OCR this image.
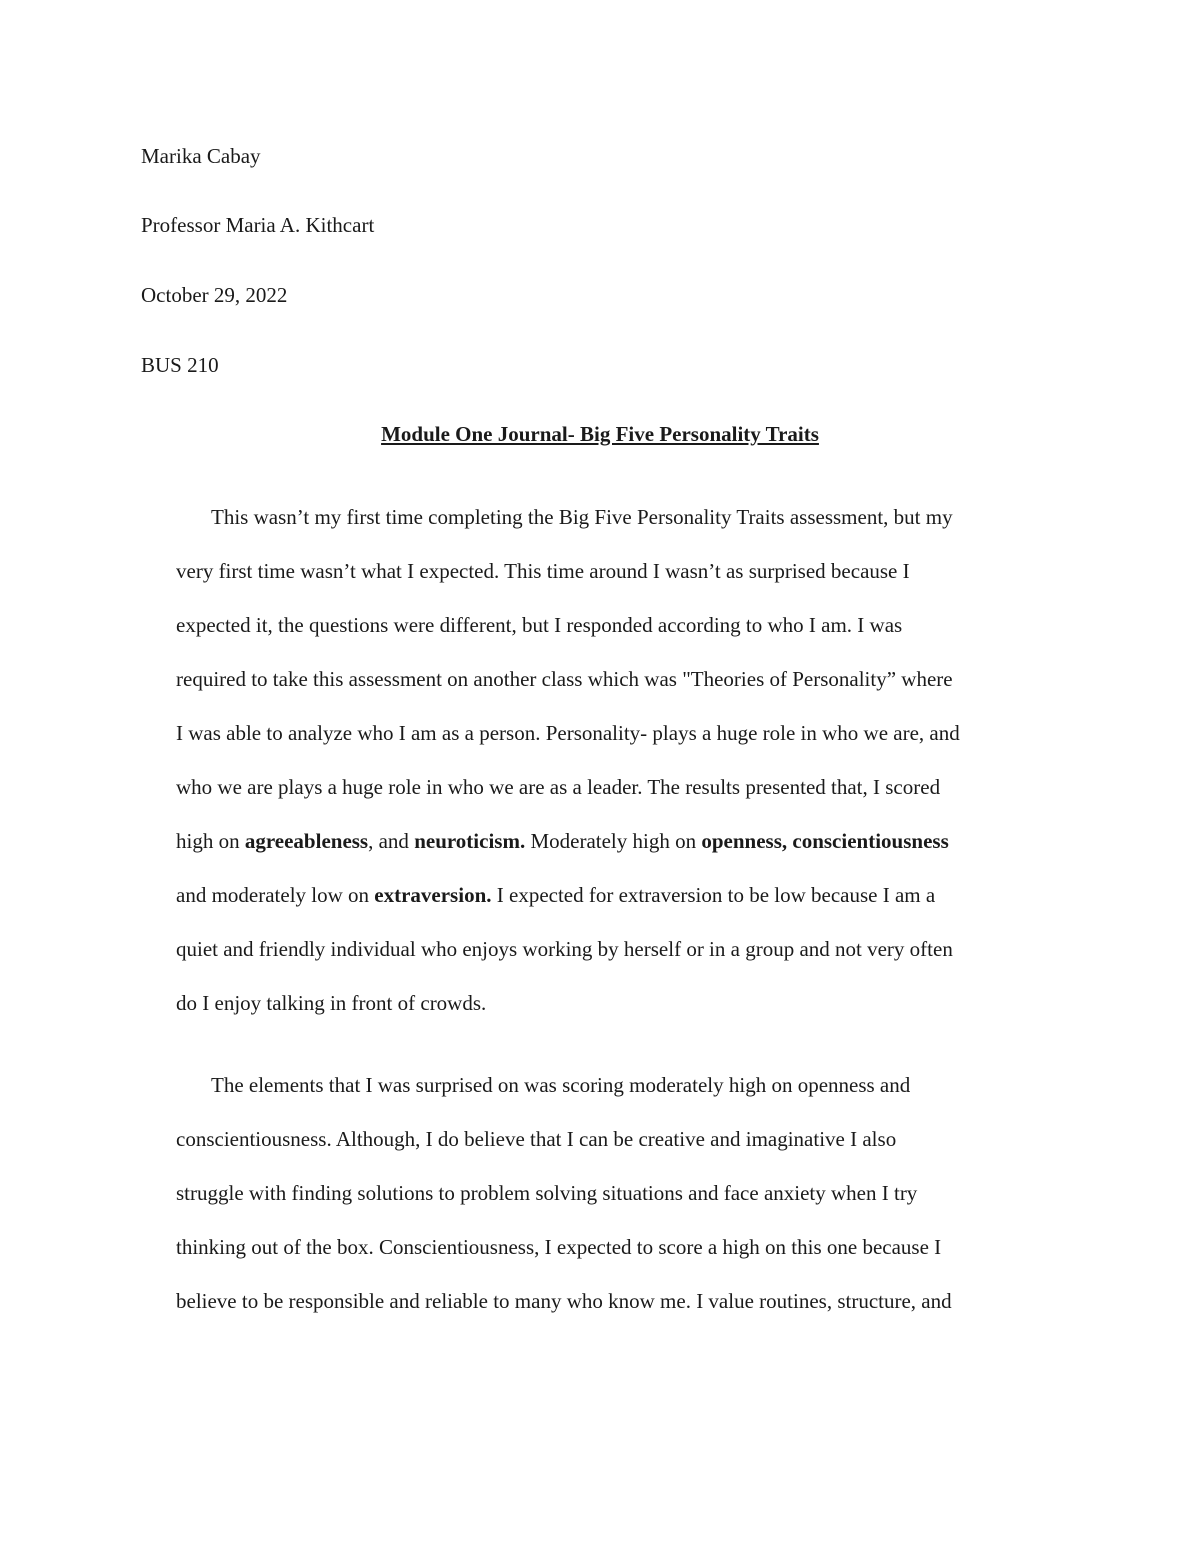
Marika Cabay

Professor Maria A. Kithcart

October 29, 2022

BUS 210

Module One Journal- Big Five Personality Traits
This wasn’t my first time completing the Big Five Personality Traits assessment, but my
very first time wasn’t what I expected. This time around I wasn’t as surprised because I
expected it, the questions were different, but I responded according to who I am. I was
required to take this assessment on another class which was "Theories of Personality” where
I was able to analyze who I am as a person. Personality- plays a huge role in who we are, and
who we are plays a huge role in who we are as a leader. The results presented that, I scored
high on agreeableness, and neuroticism. Moderately high on openness, conscientiousness
and moderately low on extraversion. I expected for extraversion to be low because I am a
quiet and friendly individual who enjoys working by herself or in a group and not very often
do I enjoy talking in front of crowds.
The elements that I was surprised on was scoring moderately high on openness and
conscientiousness. Although, I do believe that I can be creative and imaginative I also
struggle with finding solutions to problem solving situations and face anxiety when I try
thinking out of the box. Conscientiousness, I expected to score a high on this one because I
believe to be responsible and reliable to many who know me. I value routines, structure, and
